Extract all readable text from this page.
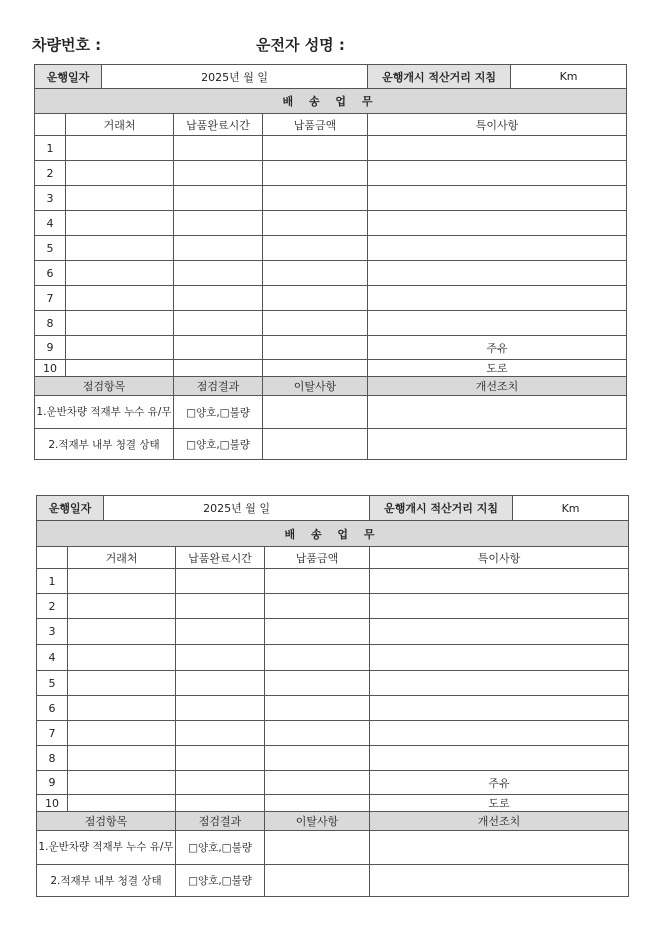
차량번호 :	운전자 성명 :
운행일자		2025년 월 일			운행개시 적산거리 지침	Km
배 송 업 무						
	거래처		납품완료시간	납품금액	특이사항	
1						
2						
3						
4						
5						
6						
7						
8						
9					주유	
10					도로	
점검항목			점검결과	이탈사항	개선조치	
1.운반차량 적재부 누수 유/무			□양호,□불량			
2.적재부 내부 청결 상태			□양호,□불량			
운행일자		2025년 월 일			운행개시 적산거리 지침	Km
배 송 업 무						
	거래처		납품완료시간	납품금액	특이사항	
1						
2						
3						
4						
5						
6						
7						
8						
9					주유	
10					도로	
점검항목			점검결과	이탈사항	개선조치	
1.운반차량 적재부 누수 유/무			□양호,□불량			
2.적재부 내부 청결 상태			□양호,□불량			
